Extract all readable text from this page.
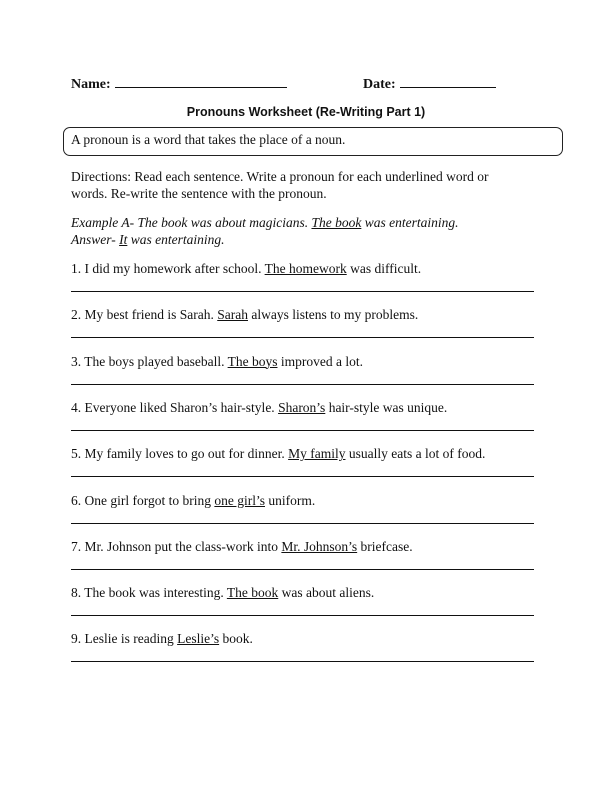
Name:	Date:
Pronouns Worksheet (Re-Writing Part 1)
A pronoun is a word that takes the place of a noun.
Directions: Read each sentence. Write a pronoun for each underlined word or
words. Re-write the sentence with the pronoun.
Example A- The book was about magicians. The book was entertaining.
Answer- It was entertaining.
1. I did my homework after school. The homework was difficult.
2. My best friend is Sarah. Sarah always listens to my problems.
3. The boys played baseball. The boys improved a lot.
4. Everyone liked Sharon’s hair-style. Sharon’s hair-style was unique.
5. My family loves to go out for dinner. My family usually eats a lot of food.
6. One girl forgot to bring one girl’s uniform.
7. Mr. Johnson put the class-work into Mr. Johnson’s briefcase.
8. The book was interesting. The book was about aliens.
9. Leslie is reading Leslie’s book.
